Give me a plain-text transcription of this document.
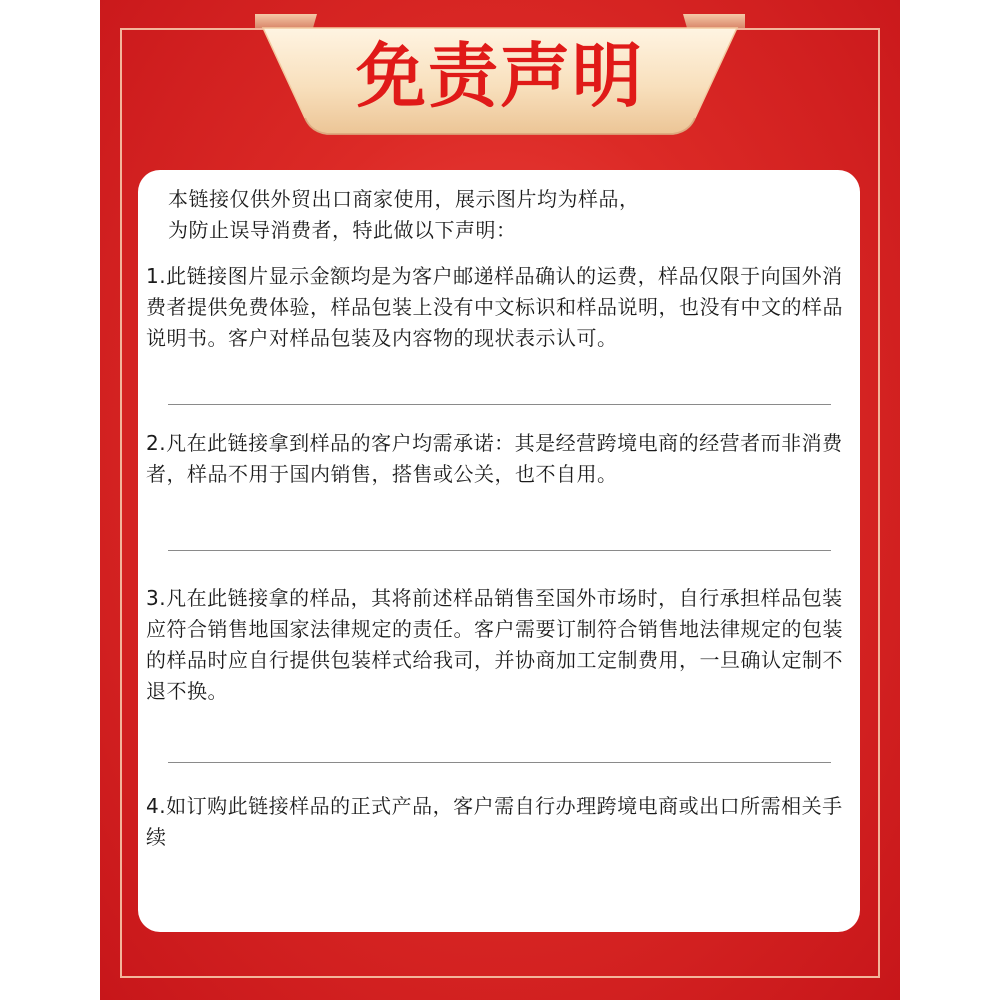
免责声明

本链接仅供外贸出口商家使用，展示图片均为样品，
为防止误导消费者，特此做以下声明：

1.此链接图片显示金额均是为客户邮递样品确认的运费，样品仅限于向国外消费者提供免费体验，样品包装上没有中文标识和样品说明，也没有中文的样品说明书。客户对样品包装及内容物的现状表示认可。

2.凡在此链接拿到样品的客户均需承诺：其是经营跨境电商的经营者而非消费者，样品不用于国内销售，搭售或公关，也不自用。

3.凡在此链接拿的样品，其将前述样品销售至国外市场时，自行承担样品包装应符合销售地国家法律规定的责任。客户需要订制符合销售地法律规定的包装的样品时应自行提供包装样式给我司，并协商加工定制费用，一旦确认定制不退不换。

4.如订购此链接样品的正式产品，客户需自行办理跨境电商或出口所需相关手续
